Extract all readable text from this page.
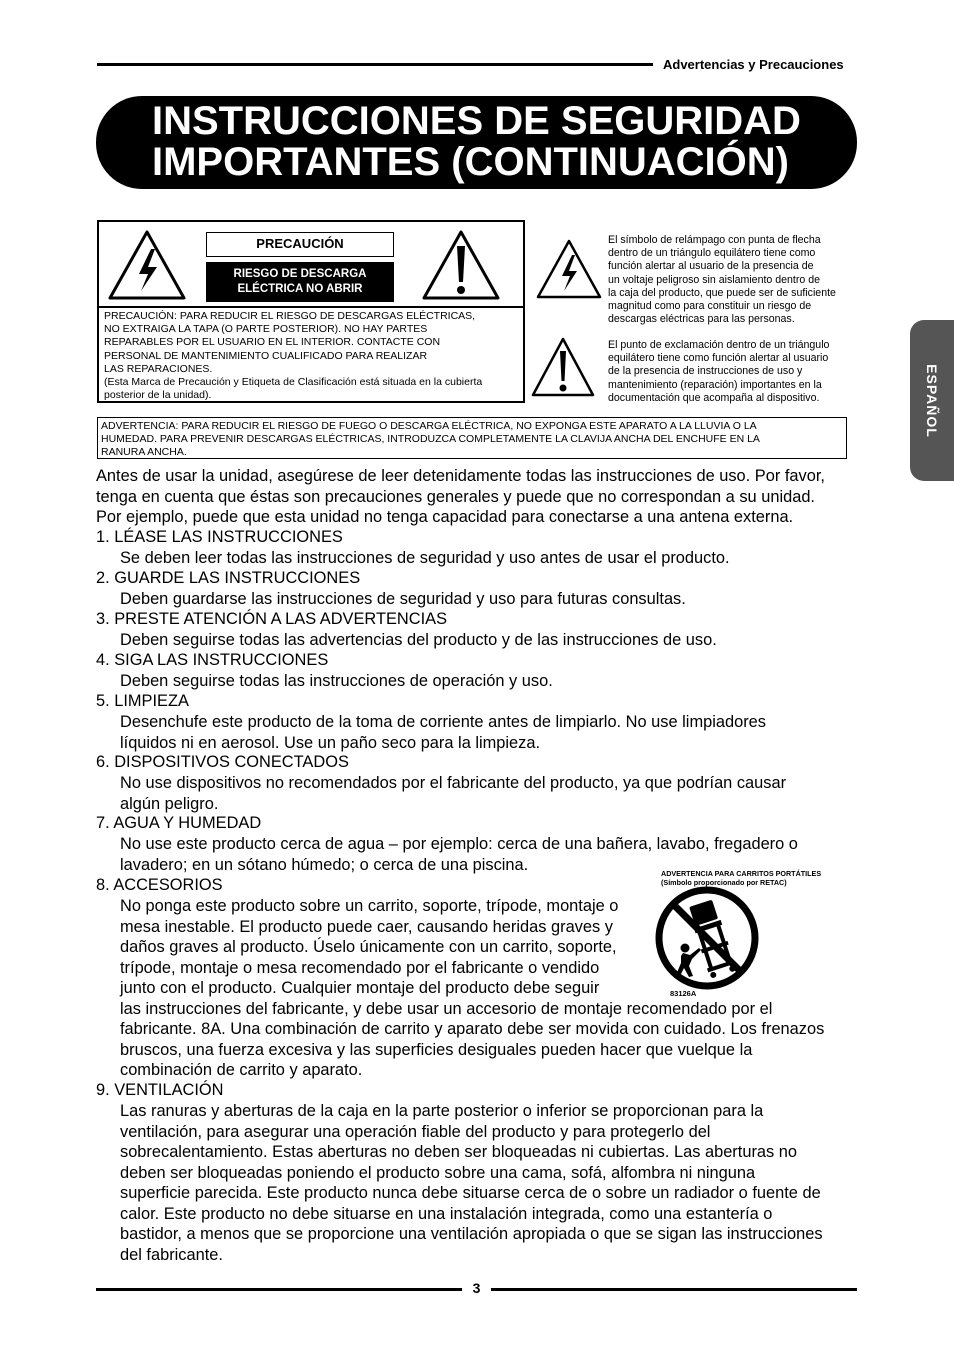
Advertencias y Precauciones
INSTRUCCIONES DE SEGURIDAD
IMPORTANTES (CONTINUACIÓN)
ESPAÑOL
PRECAUCIÓN
RIESGO DE DESCARGA
ELÉCTRICA NO ABRIR
PRECAUCIÓN: PARA REDUCIR EL RIESGO DE DESCARGAS ELÉCTRICAS,
NO EXTRAIGA LA TAPA (O PARTE POSTERIOR). NO HAY PARTES
REPARABLES POR EL USUARIO EN EL INTERIOR. CONTACTE CON
PERSONAL DE MANTENIMIENTO CUALIFICADO PARA REALIZAR
LAS REPARACIONES.
(Esta Marca de Precaución y Etiqueta de Clasificación está situada en la cubierta
posterior de la unidad).
El símbolo de relámpago con punta de flecha
dentro de un triángulo equilátero tiene como
función alertar al usuario de la presencia de
un voltaje peligroso sin aislamiento dentro de
la caja del producto, que puede ser de suficiente
magnitud como para constituir un riesgo de
descargas eléctricas para las personas.
El punto de exclamación dentro de un triángulo
equilátero tiene como función alertar al usuario
de la presencia de instrucciones de uso y
mantenimiento (reparación) importantes en la
documentación que acompaña al dispositivo.
ADVERTENCIA: PARA REDUCIR EL RIESGO DE FUEGO O DESCARGA ELÉCTRICA, NO EXPONGA ESTE APARATO A LA LLUVIA O LA
HUMEDAD. PARA PREVENIR DESCARGAS ELÉCTRICAS, INTRODUZCA COMPLETAMENTE LA CLAVIJA ANCHA DEL ENCHUFE EN LA
RANURA ANCHA.
Antes de usar la unidad, asegúrese de leer detenidamente todas las instrucciones de uso. Por favor,
tenga en cuenta que éstas son precauciones generales y puede que no correspondan a su unidad.
Por ejemplo, puede que esta unidad no tenga capacidad para conectarse a una antena externa.
1. LÉASE LAS INSTRUCCIONES
Se deben leer todas las instrucciones de seguridad y uso antes de usar el producto.
2. GUARDE LAS INSTRUCCIONES
Deben guardarse las instrucciones de seguridad y uso para futuras consultas.
3. PRESTE ATENCIÓN A LAS ADVERTENCIAS
Deben seguirse todas las advertencias del producto y de las instrucciones de uso.
4. SIGA LAS INSTRUCCIONES
Deben seguirse todas las instrucciones de operación y uso.
5. LIMPIEZA
Desenchufe este producto de la toma de corriente antes de limpiarlo. No use limpiadores
líquidos ni en aerosol. Use un paño seco para la limpieza.
6. DISPOSITIVOS CONECTADOS
No use dispositivos no recomendados por el fabricante del producto, ya que podrían causar
algún peligro.
7. AGUA Y HUMEDAD
No use este producto cerca de agua – por ejemplo: cerca de una bañera, lavabo, fregadero o
lavadero; en un sótano húmedo; o cerca de una piscina.
8. ACCESORIOS
No ponga este producto sobre un carrito, soporte, trípode, montaje o
mesa inestable. El producto puede caer, causando heridas graves y
daños graves al producto. Úselo únicamente con un carrito, soporte,
trípode, montaje o mesa recomendado por el fabricante o vendido
junto con el producto. Cualquier montaje del producto debe seguir
las instrucciones del fabricante, y debe usar un accesorio de montaje recomendado por el
fabricante. 8A. Una combinación de carrito y aparato debe ser movida con cuidado. Los frenazos
bruscos, una fuerza excesiva y las superficies desiguales pueden hacer que vuelque la
combinación de carrito y aparato.
9. VENTILACIÓN
Las ranuras y aberturas de la caja en la parte posterior o inferior se proporcionan para la
ventilación, para asegurar una operación fiable del producto y para protegerlo del
sobrecalentamiento. Estas aberturas no deben ser bloqueadas ni cubiertas. Las aberturas no
deben ser bloqueadas poniendo el producto sobre una cama, sofá, alfombra ni ninguna
superficie parecida. Este producto nunca debe situarse cerca de o sobre un radiador o fuente de
calor. Este producto no debe situarse en una instalación integrada, como una estantería o
bastidor, a menos que se proporcione una ventilación apropiada o que se sigan las instrucciones
del fabricante.
ADVERTENCIA PARA CARRITOS PORTÁTILES
(Símbolo proporcionado por RETAC)
83126A
3
